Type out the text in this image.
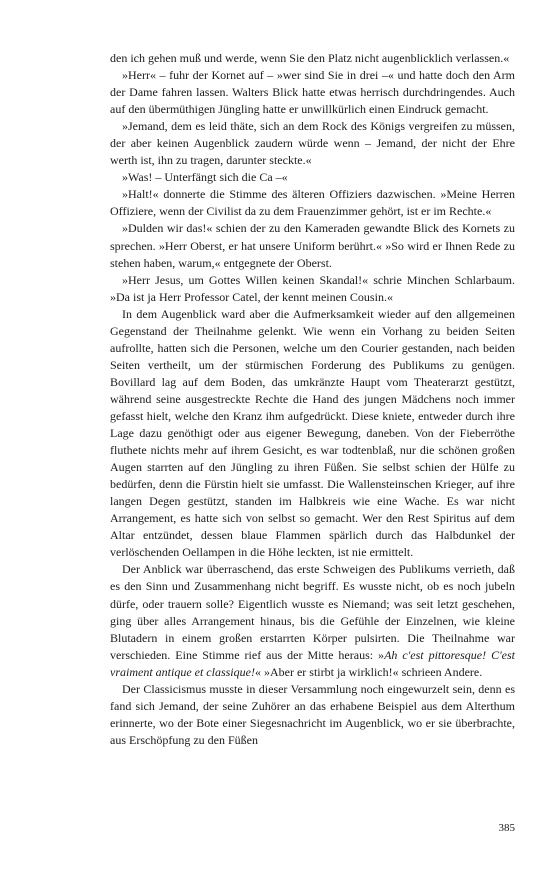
den ich gehen muß und werde, wenn Sie den Platz nicht augenblicklich verlassen.«

»Herr« – fuhr der Kornet auf – »wer sind Sie in drei –« und hatte doch den Arm der Dame fahren lassen. Walters Blick hatte etwas herrisch durchdringendes. Auch auf den übermüthigen Jüngling hatte er unwillkürlich einen Eindruck gemacht.

»Jemand, dem es leid thäte, sich an dem Rock des Königs vergreifen zu müssen, der aber keinen Augenblick zaudern würde wenn – Jemand, der nicht der Ehre werth ist, ihn zu tragen, darunter steckte.«

»Was! – Unterfängt sich die Ca –«

»Halt!« donnerte die Stimme des älteren Offiziers dazwischen. »Meine Herren Offiziere, wenn der Civilist da zu dem Frauenzimmer gehört, ist er im Rechte.«

»Dulden wir das!« schien der zu den Kameraden gewandte Blick des Kornets zu sprechen. »Herr Oberst, er hat unsere Uniform berührt.« »So wird er Ihnen Rede zu stehen haben, warum,« entgegnete der Oberst.

»Herr Jesus, um Gottes Willen keinen Skandal!« schrie Minchen Schlarbaum. »Da ist ja Herr Professor Catel, der kennt meinen Cousin.«

In dem Augenblick ward aber die Aufmerksamkeit wieder auf den allgemeinen Gegenstand der Theilnahme gelenkt. Wie wenn ein Vorhang zu beiden Seiten aufrollte, hatten sich die Personen, welche um den Courier gestanden, nach beiden Seiten vertheilt, um der stürmischen Forderung des Publikums zu genügen. Bovillard lag auf dem Boden, das umkränzte Haupt vom Theaterarzt gestützt, während seine ausgestreckte Rechte die Hand des jungen Mädchens noch immer gefasst hielt, welche den Kranz ihm aufgedrückt. Diese kniete, entweder durch ihre Lage dazu genöthigt oder aus eigener Bewegung, daneben. Von der Fieberröthe fluthete nichts mehr auf ihrem Gesicht, es war todtenblaß, nur die schönen großen Augen starrten auf den Jüngling zu ihren Füßen. Sie selbst schien der Hülfe zu bedürfen, denn die Fürstin hielt sie umfasst. Die Wallensteinschen Krieger, auf ihre langen Degen gestützt, standen im Halbkreis wie eine Wache. Es war nicht Arrangement, es hatte sich von selbst so gemacht. Wer den Rest Spiritus auf dem Altar entzündet, dessen blaue Flammen spärlich durch das Halbdunkel der verlöschenden Oellampen in die Höhe leckten, ist nie ermittelt.

Der Anblick war überraschend, das erste Schweigen des Publikums verrieth, daß es den Sinn und Zusammenhang nicht begriff. Es wusste nicht, ob es noch jubeln dürfe, oder trauern solle? Eigentlich wusste es Niemand; was seit letzt geschehen, ging über alles Arrangement hinaus, bis die Gefühle der Einzelnen, wie kleine Blutadern in einem großen erstarrten Körper pulsirten. Die Theilnahme war verschieden. Eine Stimme rief aus der Mitte heraus: »Ah c'est pittoresque! C'est vraiment antique et classique!« »Aber er stirbt ja wirklich!« schrieen Andere.

Der Classicismus musste in dieser Versammlung noch eingewurzelt sein, denn es fand sich Jemand, der seine Zuhörer an das erhabene Beispiel aus dem Alterthum erinnerte, wo der Bote einer Siegesnachricht im Augenblick, wo er sie überbrachte, aus Erschöpfung zu den Füßen

385
